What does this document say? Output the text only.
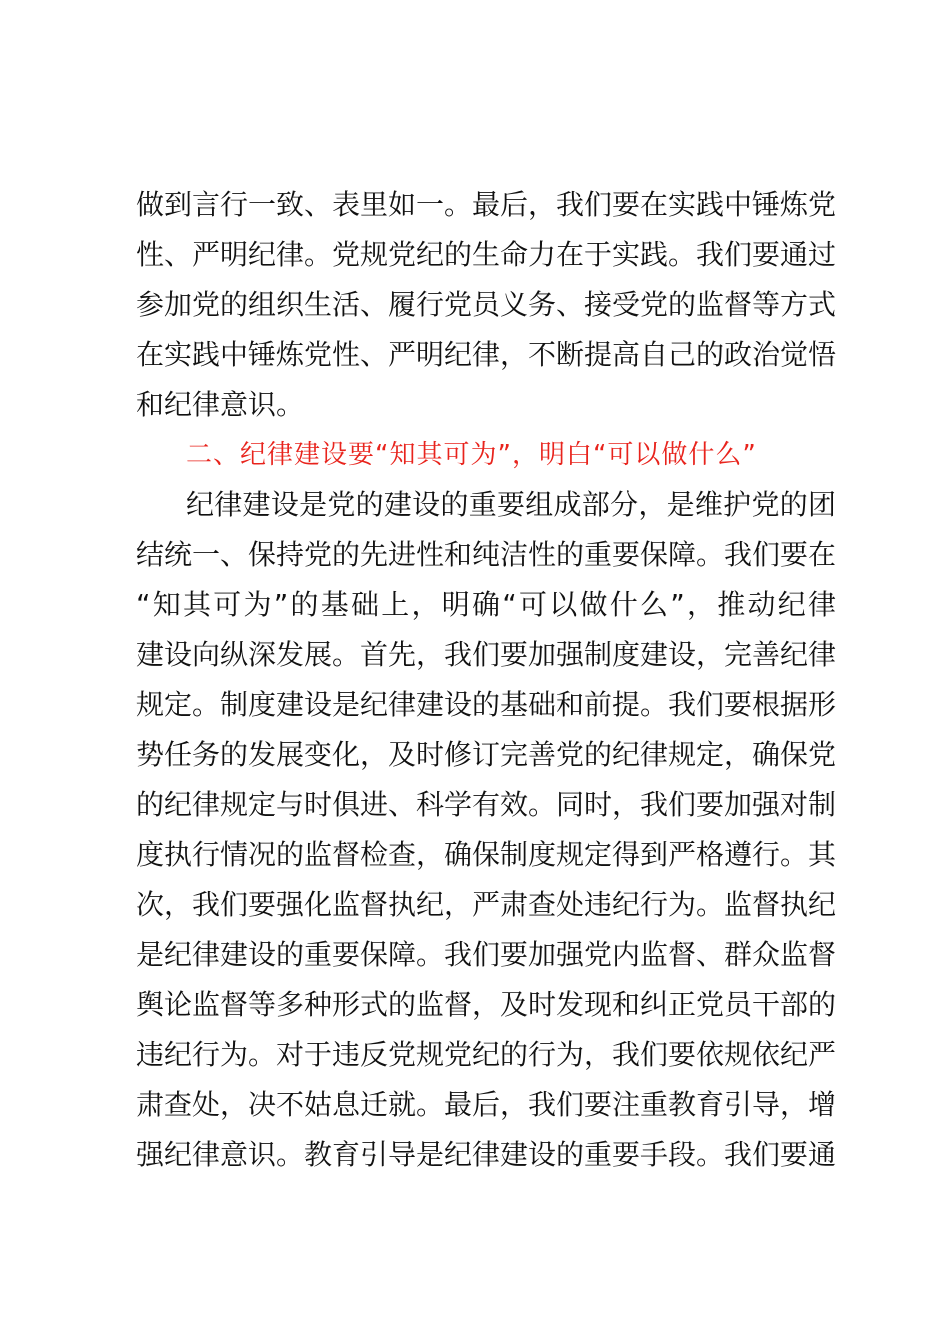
做到言行一致、表里如一。最后，我们要在实践中锤炼党
性、严明纪律。党规党纪的生命力在于实践。我们要通过
参加党的组织生活、履行党员义务、接受党的监督等方式
在实践中锤炼党性、严明纪律，不断提高自己的政治觉悟
和纪律意识。
二、纪律建设要“知其可为”，明白“可以做什么”
纪律建设是党的建设的重要组成部分，是维护党的团
结统一、保持党的先进性和纯洁性的重要保障。我们要在
“知其可为”的基础上，明确“可以做什么”，推动纪律
建设向纵深发展。首先，我们要加强制度建设，完善纪律
规定。制度建设是纪律建设的基础和前提。我们要根据形
势任务的发展变化，及时修订完善党的纪律规定，确保党
的纪律规定与时俱进、科学有效。同时，我们要加强对制
度执行情况的监督检查，确保制度规定得到严格遵行。其
次，我们要强化监督执纪，严肃查处违纪行为。监督执纪
是纪律建设的重要保障。我们要加强党内监督、群众监督
舆论监督等多种形式的监督，及时发现和纠正党员干部的
违纪行为。对于违反党规党纪的行为，我们要依规依纪严
肃查处，决不姑息迁就。最后，我们要注重教育引导，增
强纪律意识。教育引导是纪律建设的重要手段。我们要通
